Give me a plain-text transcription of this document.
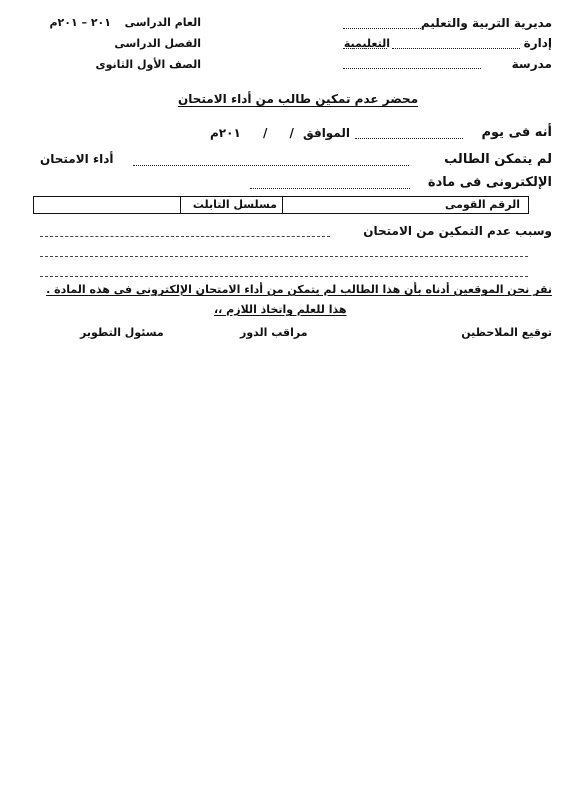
مديرية التربية والتعليم
إدارة
التعليمية
مدرسة
العام الدراسى
٢٠١ – ٢٠١م
الفصل الدراسى
الصف الأول الثانوى
محضر عدم تمكين طالب من أداء الامتحان
أنه فى يوم
الموافق
/ / ٢٠١م
لم يتمكن الطالب
أداء الامتحان
الإلكترونى فى مادة
الرقم القومى
مسلسل التابلت
وسبب عدم التمكين من الامتحان
نقر نحن الموقعين أدناه بأن هذا الطالب لم يتمكن من أداء الامتحان الإلكترونى فى هذه المادة .
هذا للعلم واتخاذ اللازم ،،
توقيع الملاحظين
مراقب الدور
مسئول التطوير
